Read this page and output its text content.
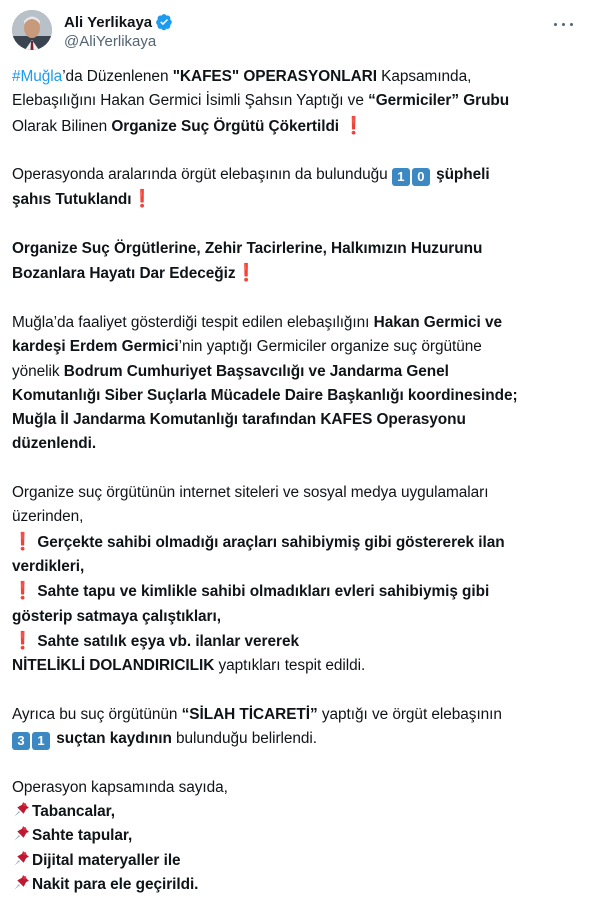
Ali Yerlikaya
@AliYerlikaya

#Muğla’da Düzenlenen "KAFES" OPERASYONLARI Kapsamında,
Elebaşılığını Hakan Germici İsimli Şahsın Yaptığı ve “Germiciler” Grubu
Olarak Bilinen Organize Suç Örgütü Çökertildi ❗

Operasyonda aralarında örgüt elebaşının da bulunduğu 1 0 şüpheli
şahıs Tutuklandı❗

Organize Suç Örgütlerine, Zehir Tacirlerine, Halkımızın Huzurunu
Bozanlara Hayatı Dar Edeceğiz❗

Muğla’da faaliyet gösterdiği tespit edilen elebaşılığını Hakan Germici ve
kardeşi Erdem Germici’nin yaptığı Germiciler organize suç örgütüne
yönelik Bodrum Cumhuriyet Başsavcılığı ve Jandarma Genel
Komutanlığı Siber Suçlarla Mücadele Daire Başkanlığı koordinesinde;
Muğla İl Jandarma Komutanlığı tarafından KAFES Operasyonu
düzenlendi.

Organize suç örgütünün internet siteleri ve sosyal medya uygulamaları
üzerinden,
❗ Gerçekte sahibi olmadığı araçları sahibiymiş gibi göstererek ilan
verdikleri,
❗ Sahte tapu ve kimlikle sahibi olmadıkları evleri sahibiymiş gibi
gösterip satmaya çalıştıkları,
❗ Sahte satılık eşya vb. ilanlar vererek
NİTELİKLİ DOLANDIRICILIK yaptıkları tespit edildi.

Ayrıca bu suç örgütünün “SİLAH TİCARETİ” yaptığı ve örgüt elebaşının
3 1 suçtan kaydının bulunduğu belirlendi.

Operasyon kapsamında sayıda,
Tabancalar,
Sahte tapular,
Dijital materyaller ile
Nakit para ele geçirildi.
